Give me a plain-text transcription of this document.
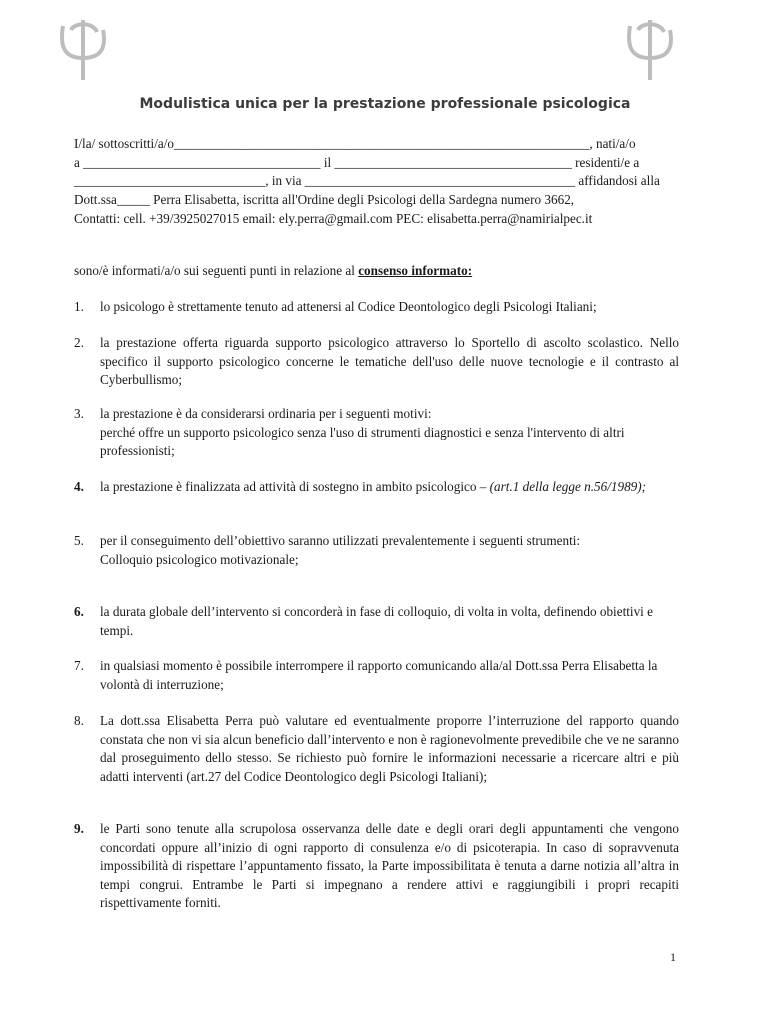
Modulistica unica per la prestazione professionale psicologica
I/la/ sottoscritti/a/o_______________________________________________________________, nati/a/o
a ____________________________________ il ____________________________________ residenti/e a
_____________________________, in via _________________________________________ affidandosi alla
Dott.ssa_____ Perra Elisabetta, iscritta all'Ordine degli Psicologi della Sardegna numero 3662,
Contatti: cell. +39/3925027015 email: ely.perra@gmail.com PEC: elisabetta.perra@namirialpec.it
sono/è informati/a/o sui seguenti punti in relazione al consenso informato:
1.	lo psicologo è strettamente tenuto ad attenersi al Codice Deontologico degli Psicologi Italiani;
2.	la prestazione offerta riguarda supporto psicologico attraverso lo Sportello di ascolto scolastico. Nello specifico il supporto psicologico concerne le tematiche dell'uso delle nuove tecnologie e il contrasto al Cyberbullismo;
3.	la prestazione è da considerarsi ordinaria per i seguenti motivi:
perché offre un supporto psicologico senza l'uso di strumenti diagnostici e senza l'intervento di altri professionisti;
4.	la prestazione è finalizzata ad attività di sostegno in ambito psicologico – (art.1 della legge n.56/1989);
5.	per il conseguimento dell’obiettivo saranno utilizzati prevalentemente i seguenti strumenti:
Colloquio psicologico motivazionale;
6.	la durata globale dell’intervento si concorderà in fase di colloquio, di volta in volta, definendo obiettivi e tempi.
7.	in qualsiasi momento è possibile interrompere il rapporto comunicando alla/al Dott.ssa Perra Elisabetta la volontà di interruzione;
8.	La dott.ssa Elisabetta Perra può valutare ed eventualmente proporre l’interruzione del rapporto quando constata che non vi sia alcun beneficio dall’intervento e non è ragionevolmente prevedibile che ve ne saranno dal proseguimento dello stesso. Se richiesto può fornire le informazioni necessarie a ricercare altri e più adatti interventi (art.27 del Codice Deontologico degli Psicologi Italiani);
9.	le Parti sono tenute alla scrupolosa osservanza delle date e degli orari degli appuntamenti che vengono concordati oppure all’inizio di ogni rapporto di consulenza e/o di psicoterapia. In caso di sopravvenuta impossibilità di rispettare l’appuntamento fissato, la Parte impossibilitata è tenuta a darne notizia all’altra in tempi congrui. Entrambe le Parti si impegnano a rendere attivi e raggiungibili i propri recapiti rispettivamente forniti.
1
